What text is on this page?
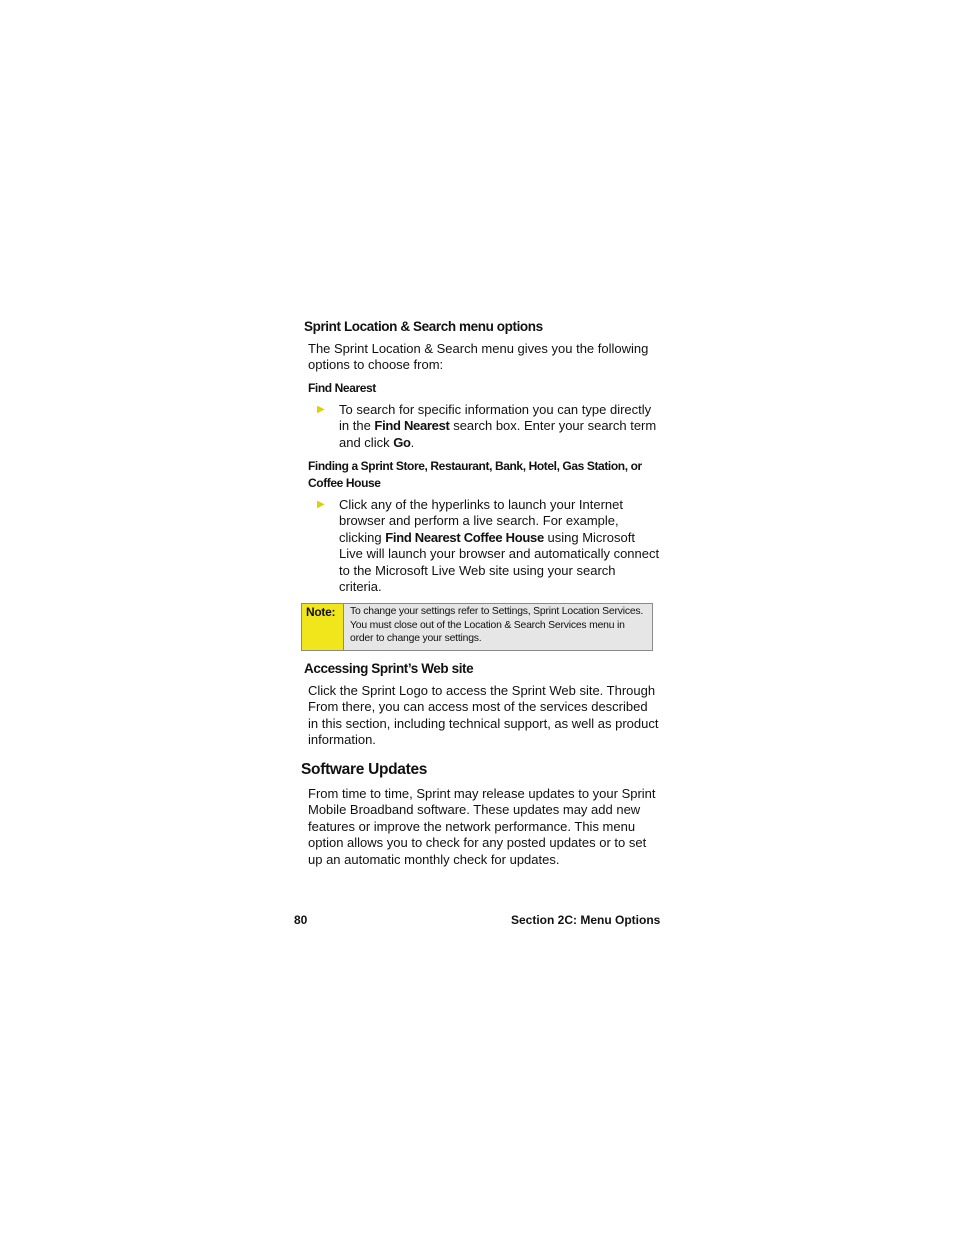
Sprint Location & Search menu options
The Sprint Location & Search menu gives you the following options to choose from:
Find Nearest
▶ To search for specific information you can type directly in the Find Nearest search box. Enter your search term and click Go.
Finding a Sprint Store, Restaurant, Bank, Hotel, Gas Station, or Coffee House
▶ Click any of the hyperlinks to launch your Internet browser and perform a live search. For example, clicking Find Nearest Coffee House using Microsoft Live will launch your browser and automatically connect to the Microsoft Live Web site using your search criteria.
Note:	To change your settings refer to Settings, Sprint Location Services. You must close out of the Location & Search Services menu in order to change your settings.
Accessing Sprint’s Web site
Click the Sprint Logo to access the Sprint Web site. Through From there, you can access most of the services described in this section, including technical support, as well as product information.
Software Updates
From time to time, Sprint may release updates to your Sprint Mobile Broadband software. These updates may add new features or improve the network performance. This menu option allows you to check for any posted updates or to set up an automatic monthly check for updates.
80	Section 2C: Menu Options
